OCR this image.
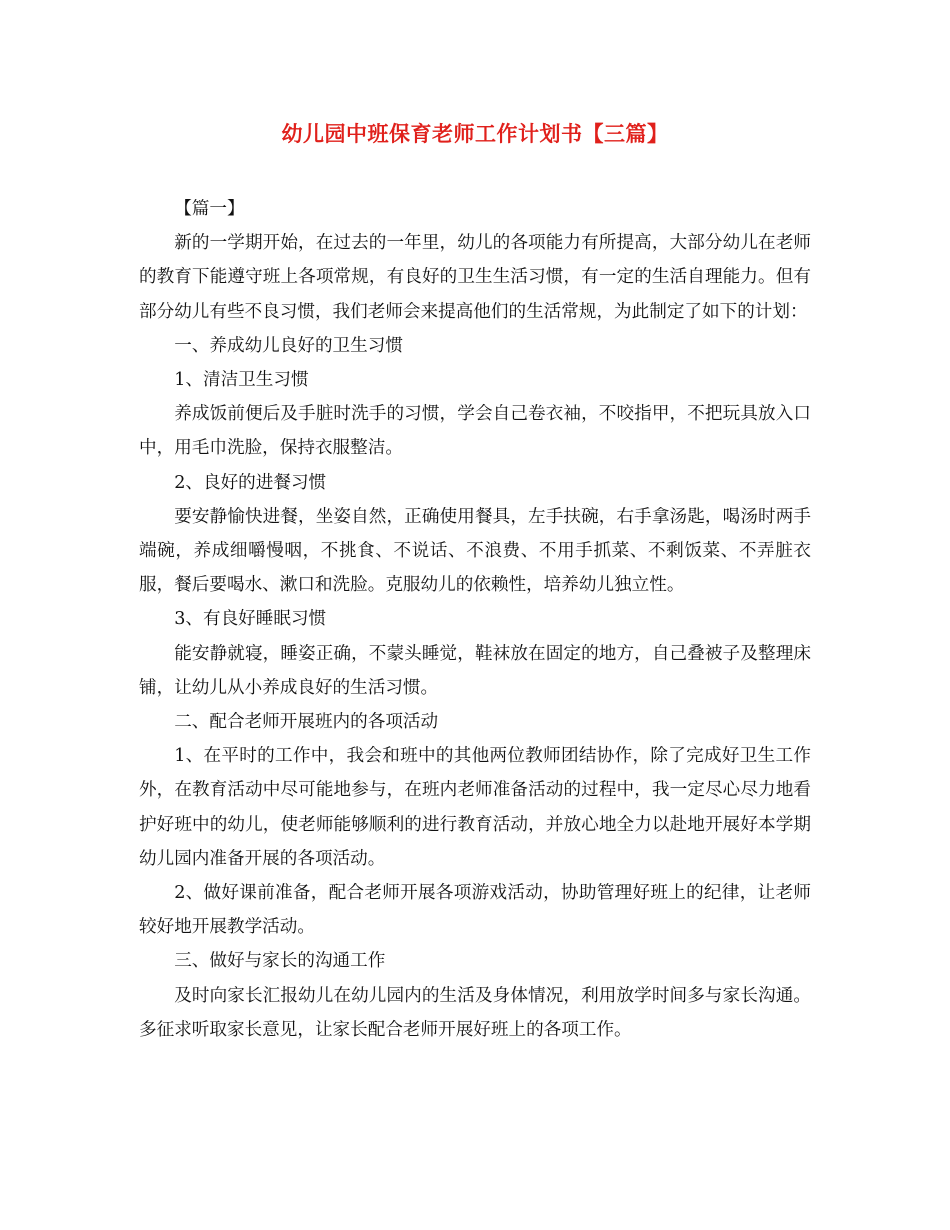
幼儿园中班保育老师工作计划书【三篇】

【篇一】

新的一学期开始，在过去的一年里，幼儿的各项能力有所提高，大部分幼儿在老师的教育下能遵守班上各项常规，有良好的卫生生活习惯，有一定的生活自理能力。但有部分幼儿有些不良习惯，我们老师会来提高他们的生活常规，为此制定了如下的计划：

一、养成幼儿良好的卫生习惯

1、清洁卫生习惯

养成饭前便后及手脏时洗手的习惯，学会自己卷衣袖，不咬指甲，不把玩具放入口中，用毛巾洗脸，保持衣服整洁。

2、良好的进餐习惯

要安静愉快进餐，坐姿自然，正确使用餐具，左手扶碗，右手拿汤匙，喝汤时两手端碗，养成细嚼慢咽，不挑食、不说话、不浪费、不用手抓菜、不剩饭菜、不弄脏衣服，餐后要喝水、漱口和洗脸。克服幼儿的依赖性，培养幼儿独立性。

3、有良好睡眠习惯

能安静就寝，睡姿正确，不蒙头睡觉，鞋袜放在固定的地方，自己叠被子及整理床铺，让幼儿从小养成良好的生活习惯。

二、配合老师开展班内的各项活动

1、在平时的工作中，我会和班中的其他两位教师团结协作，除了完成好卫生工作外，在教育活动中尽可能地参与，在班内老师准备活动的过程中，我一定尽心尽力地看护好班中的幼儿，使老师能够顺利的进行教育活动，并放心地全力以赴地开展好本学期幼儿园内准备开展的各项活动。

2、做好课前准备，配合老师开展各项游戏活动，协助管理好班上的纪律，让老师较好地开展教学活动。

三、做好与家长的沟通工作

及时向家长汇报幼儿在幼儿园内的生活及身体情况，利用放学时间多与家长沟通。多征求听取家长意见，让家长配合老师开展好班上的各项工作。
